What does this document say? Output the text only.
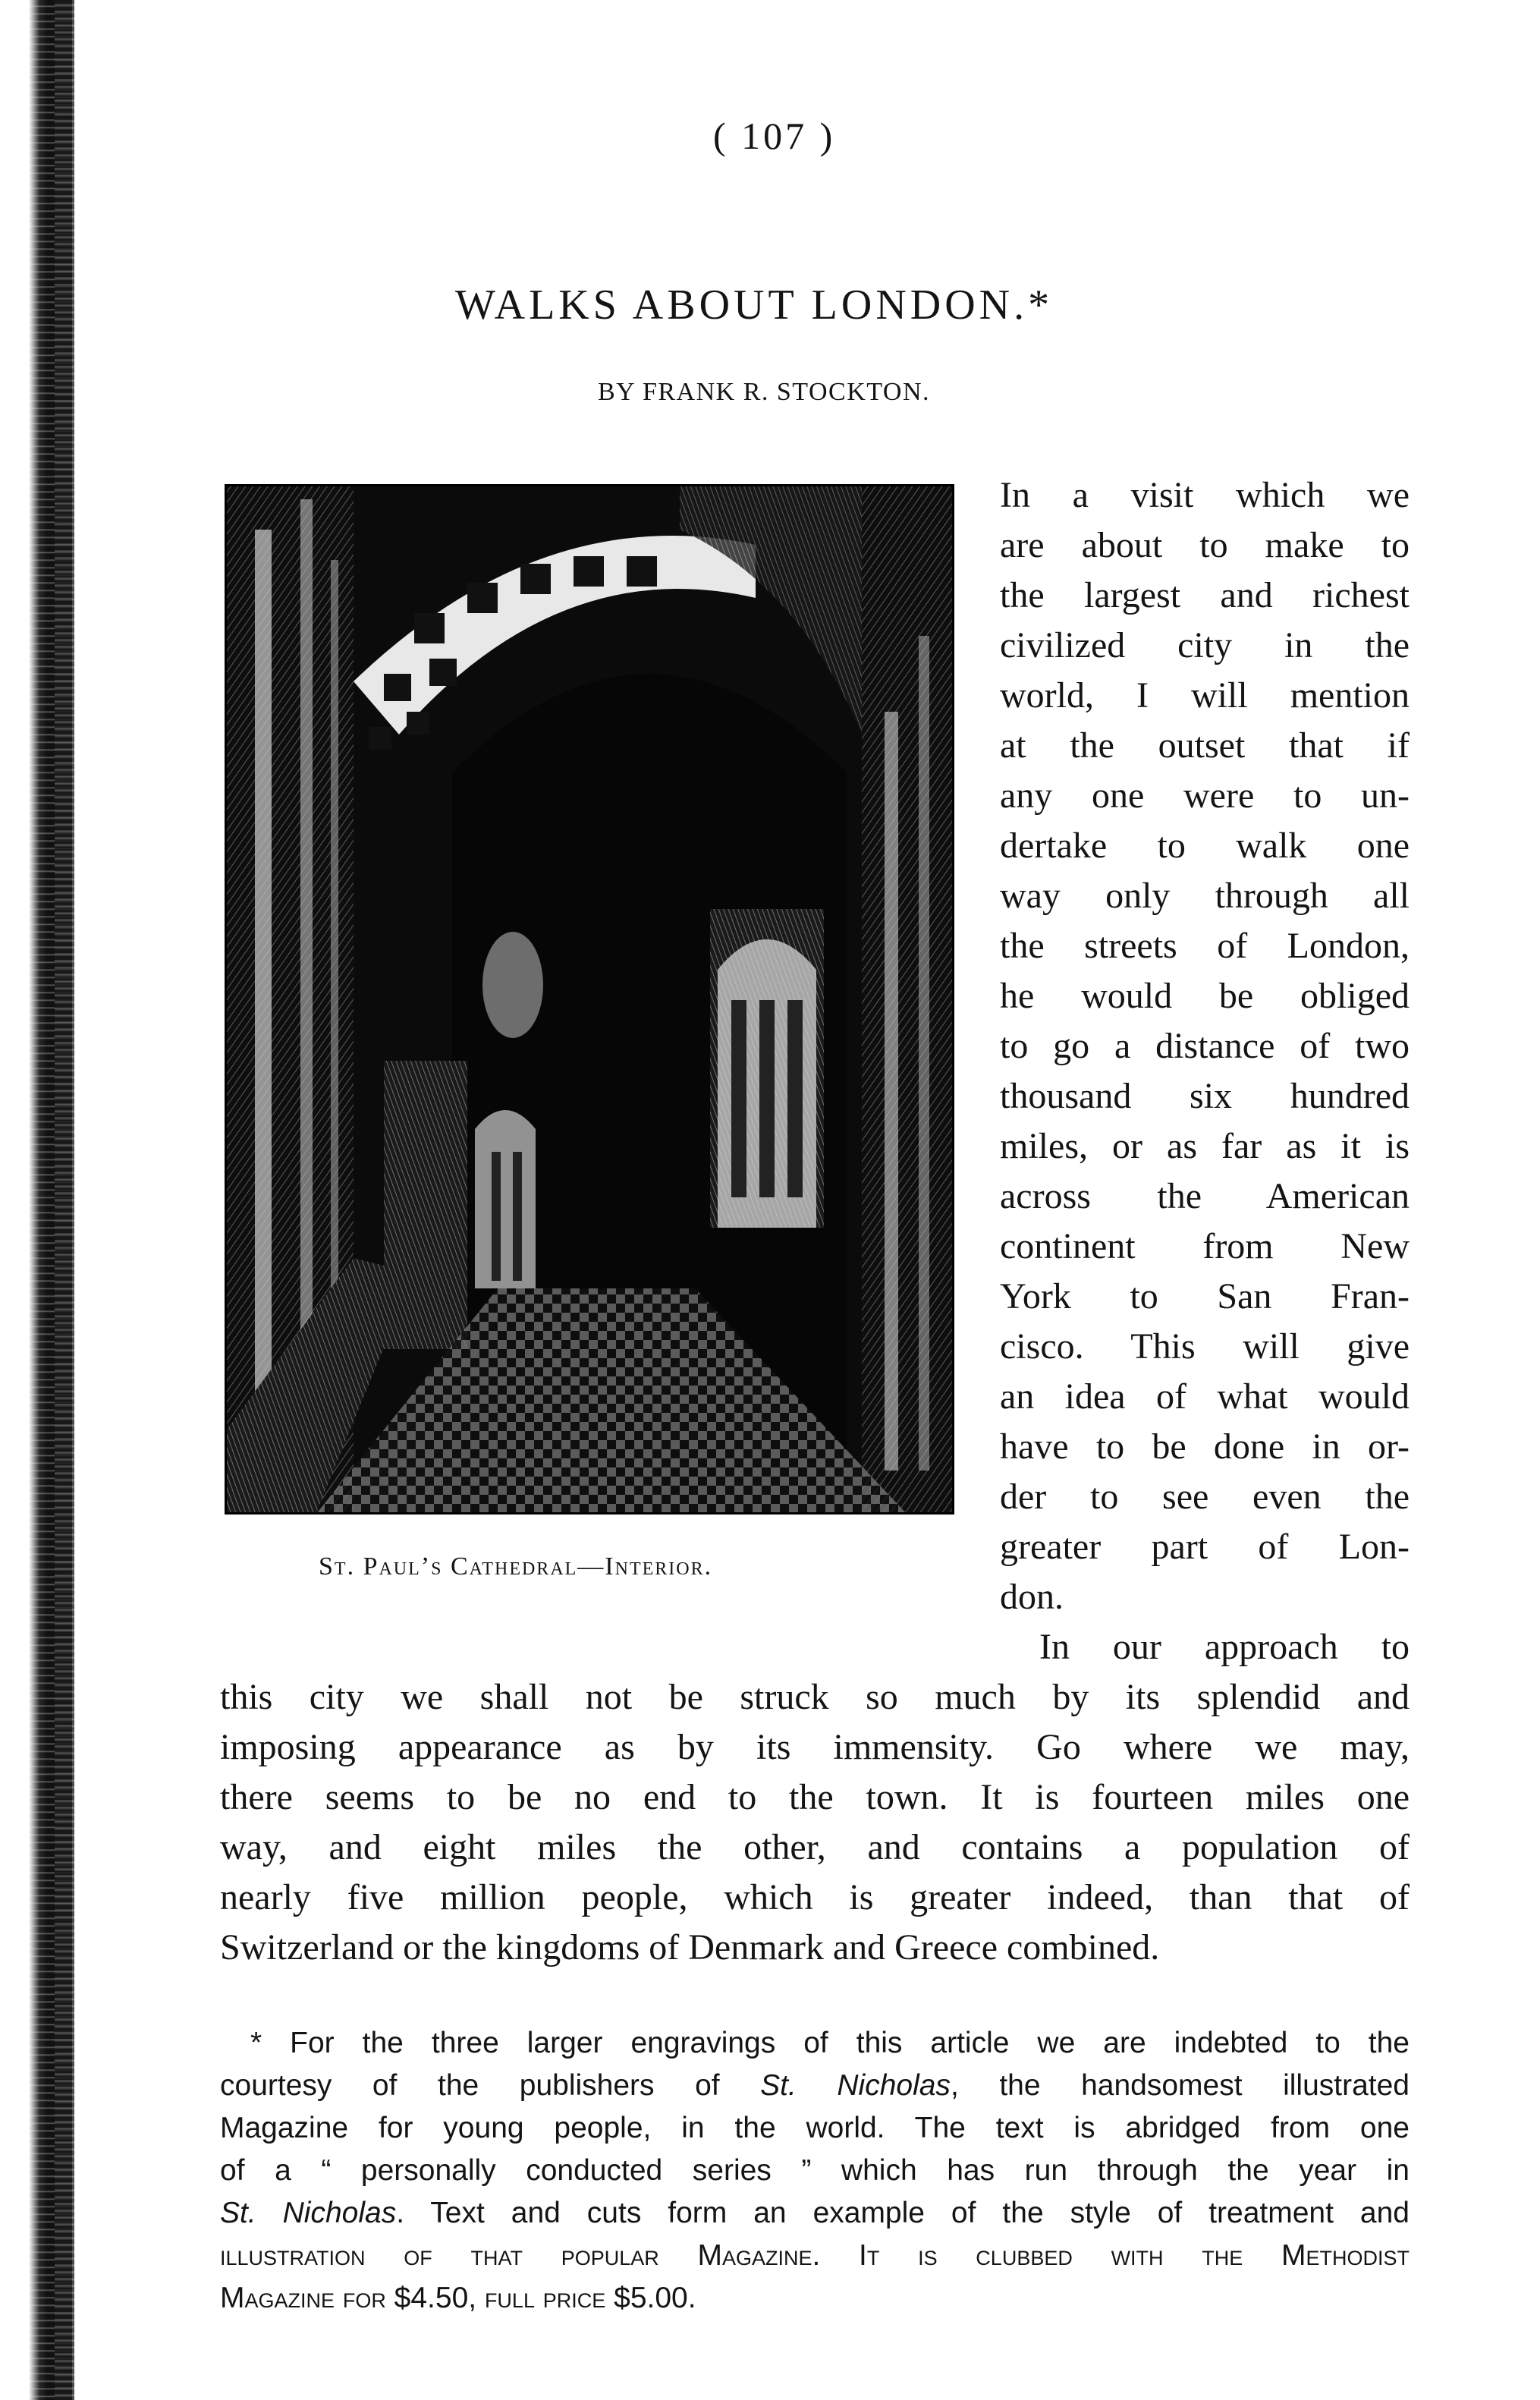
( 107 )
WALKS ABOUT LONDON.*
BY FRANK R. STOCKTON.
St. Paul’s Cathedral—Interior.
In a visit which we
are about to make to
the largest and richest
civilized city in the
world, I will mention
at the outset that if
any one were to un-
dertake to walk one
way only through all
the streets of London,
he would be obliged
to go a distance of two
thousand six hundred
miles, or as far as it is
across the American
continent from New
York to San Fran-
cisco. This will give
an idea of what would
have to be done in or-
der to see even the
greater part of Lon-
don.
In our approach to
this city we shall not be struck so much by its splendid and
imposing appearance as by its immensity. Go where we may,
there seems to be no end to the town. It is fourteen miles one
way, and eight miles the other, and contains a population of
nearly five million people, which is greater indeed, than that of
Switzerland or the kingdoms of Denmark and Greece combined.
* For the three larger engravings of this article we are indebted to the
courtesy of the publishers of St. Nicholas, the handsomest illustrated
Magazine for young people, in the world. The text is abridged from one
of a “ personally conducted series ” which has run through the year in
St. Nicholas. Text and cuts form an example of the style of treatment and
illustration of that popular Magazine. It is clubbed with the Methodist
Magazine for $4.50, full price $5.00.
